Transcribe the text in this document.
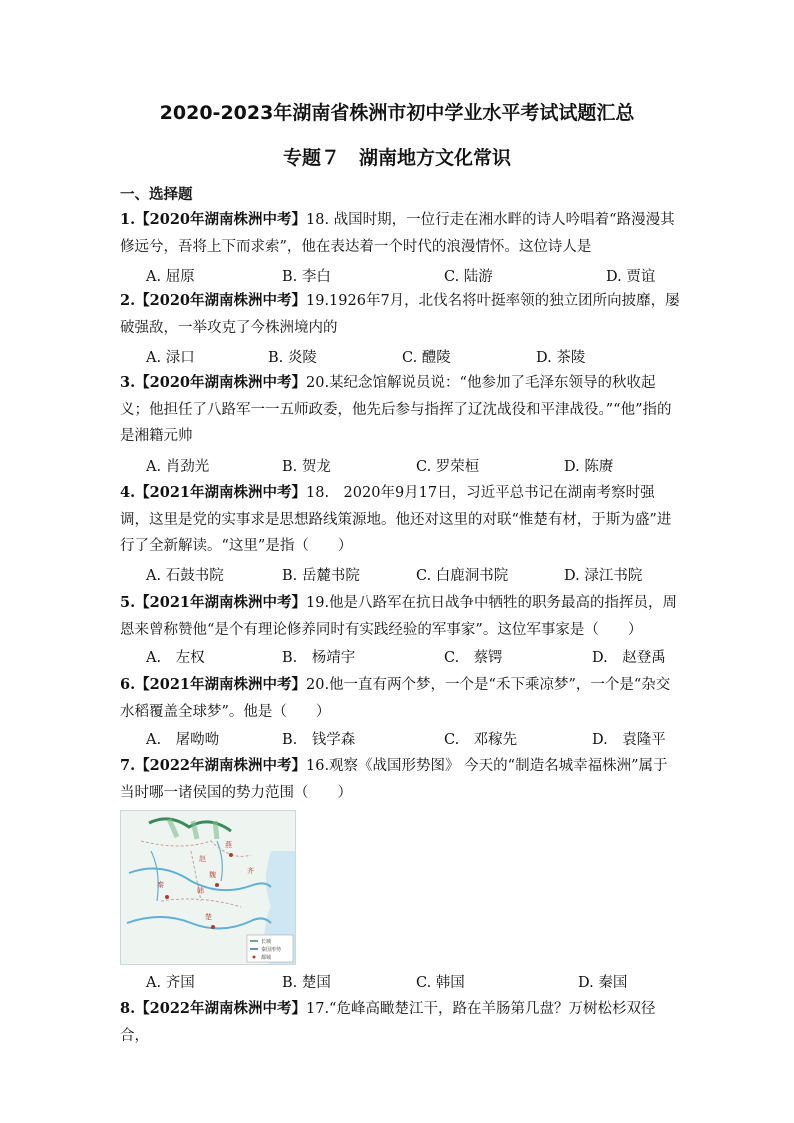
2020-2023年湖南省株洲市初中学业水平考试试题汇总
专题７　湖南地方文化常识
一、选择题
1.【2020年湖南株洲中考】18. 战国时期，一位行走在湘水畔的诗人吟唱着“路漫漫其修远兮，吾将上下而求索”，他在表达着一个时代的浪漫情怀。这位诗人是
A. 屈原	B. 李白	C. 陆游	D. 贾谊
2.【2020年湖南株洲中考】19.1926年7月，北伐名将叶挺率领的独立团所向披靡，屡破强敌，一举攻克了今株洲境内的
A. 渌口	B. 炎陵	C. 醴陵	D. 茶陵
3.【2020年湖南株洲中考】20.某纪念馆解说员说：“他参加了毛泽东领导的秋收起义；他担任了八路军一一五师政委，他先后参与指挥了辽沈战役和平津战役。”“他”指的是湘籍元帅
A. 肖劲光	B. 贺龙	C. 罗荣桓	D. 陈赓
4.【2021年湖南株洲中考】18.　2020年9月17日，习近平总书记在湖南考察时强调，这里是党的实事求是思想路线策源地。他还对这里的对联“惟楚有材，于斯为盛”进行了全新解读。“这里”是指（　　）
A. 石鼓书院	B. 岳麓书院	C. 白鹿洞书院	D. 渌江书院
5.【2021年湖南株洲中考】19.他是八路军在抗日战争中牺牲的职务最高的指挥员，周恩来曾称赞他“是个有理论修养同时有实践经验的军事家”。这位军事家是（　　）
A.　左权	B.　杨靖宇	C.　蔡锷	D.　赵登禹
6.【2021年湖南株洲中考】20.他一直有两个梦，一个是“禾下乘凉梦”，一个是“杂交水稻覆盖全球梦”。他是（　　）
A.　屠呦呦	B.　钱学森	C.　邓稼先	D.　袁隆平
7.【2022年湖南株洲中考】16.观察《战国形势图》 今天的“制造名城幸福株洲”属于当时哪一诸侯国的势力范围（　　）
燕
赵
魏
韩
齐
秦
楚
长城
秦国形势
都城
A. 齐国	B. 楚国	C. 韩国	D. 秦国
8.【2022年湖南株洲中考】17.“危峰高瞰楚江干，路在羊肠第几盘？万树松杉双径合，
